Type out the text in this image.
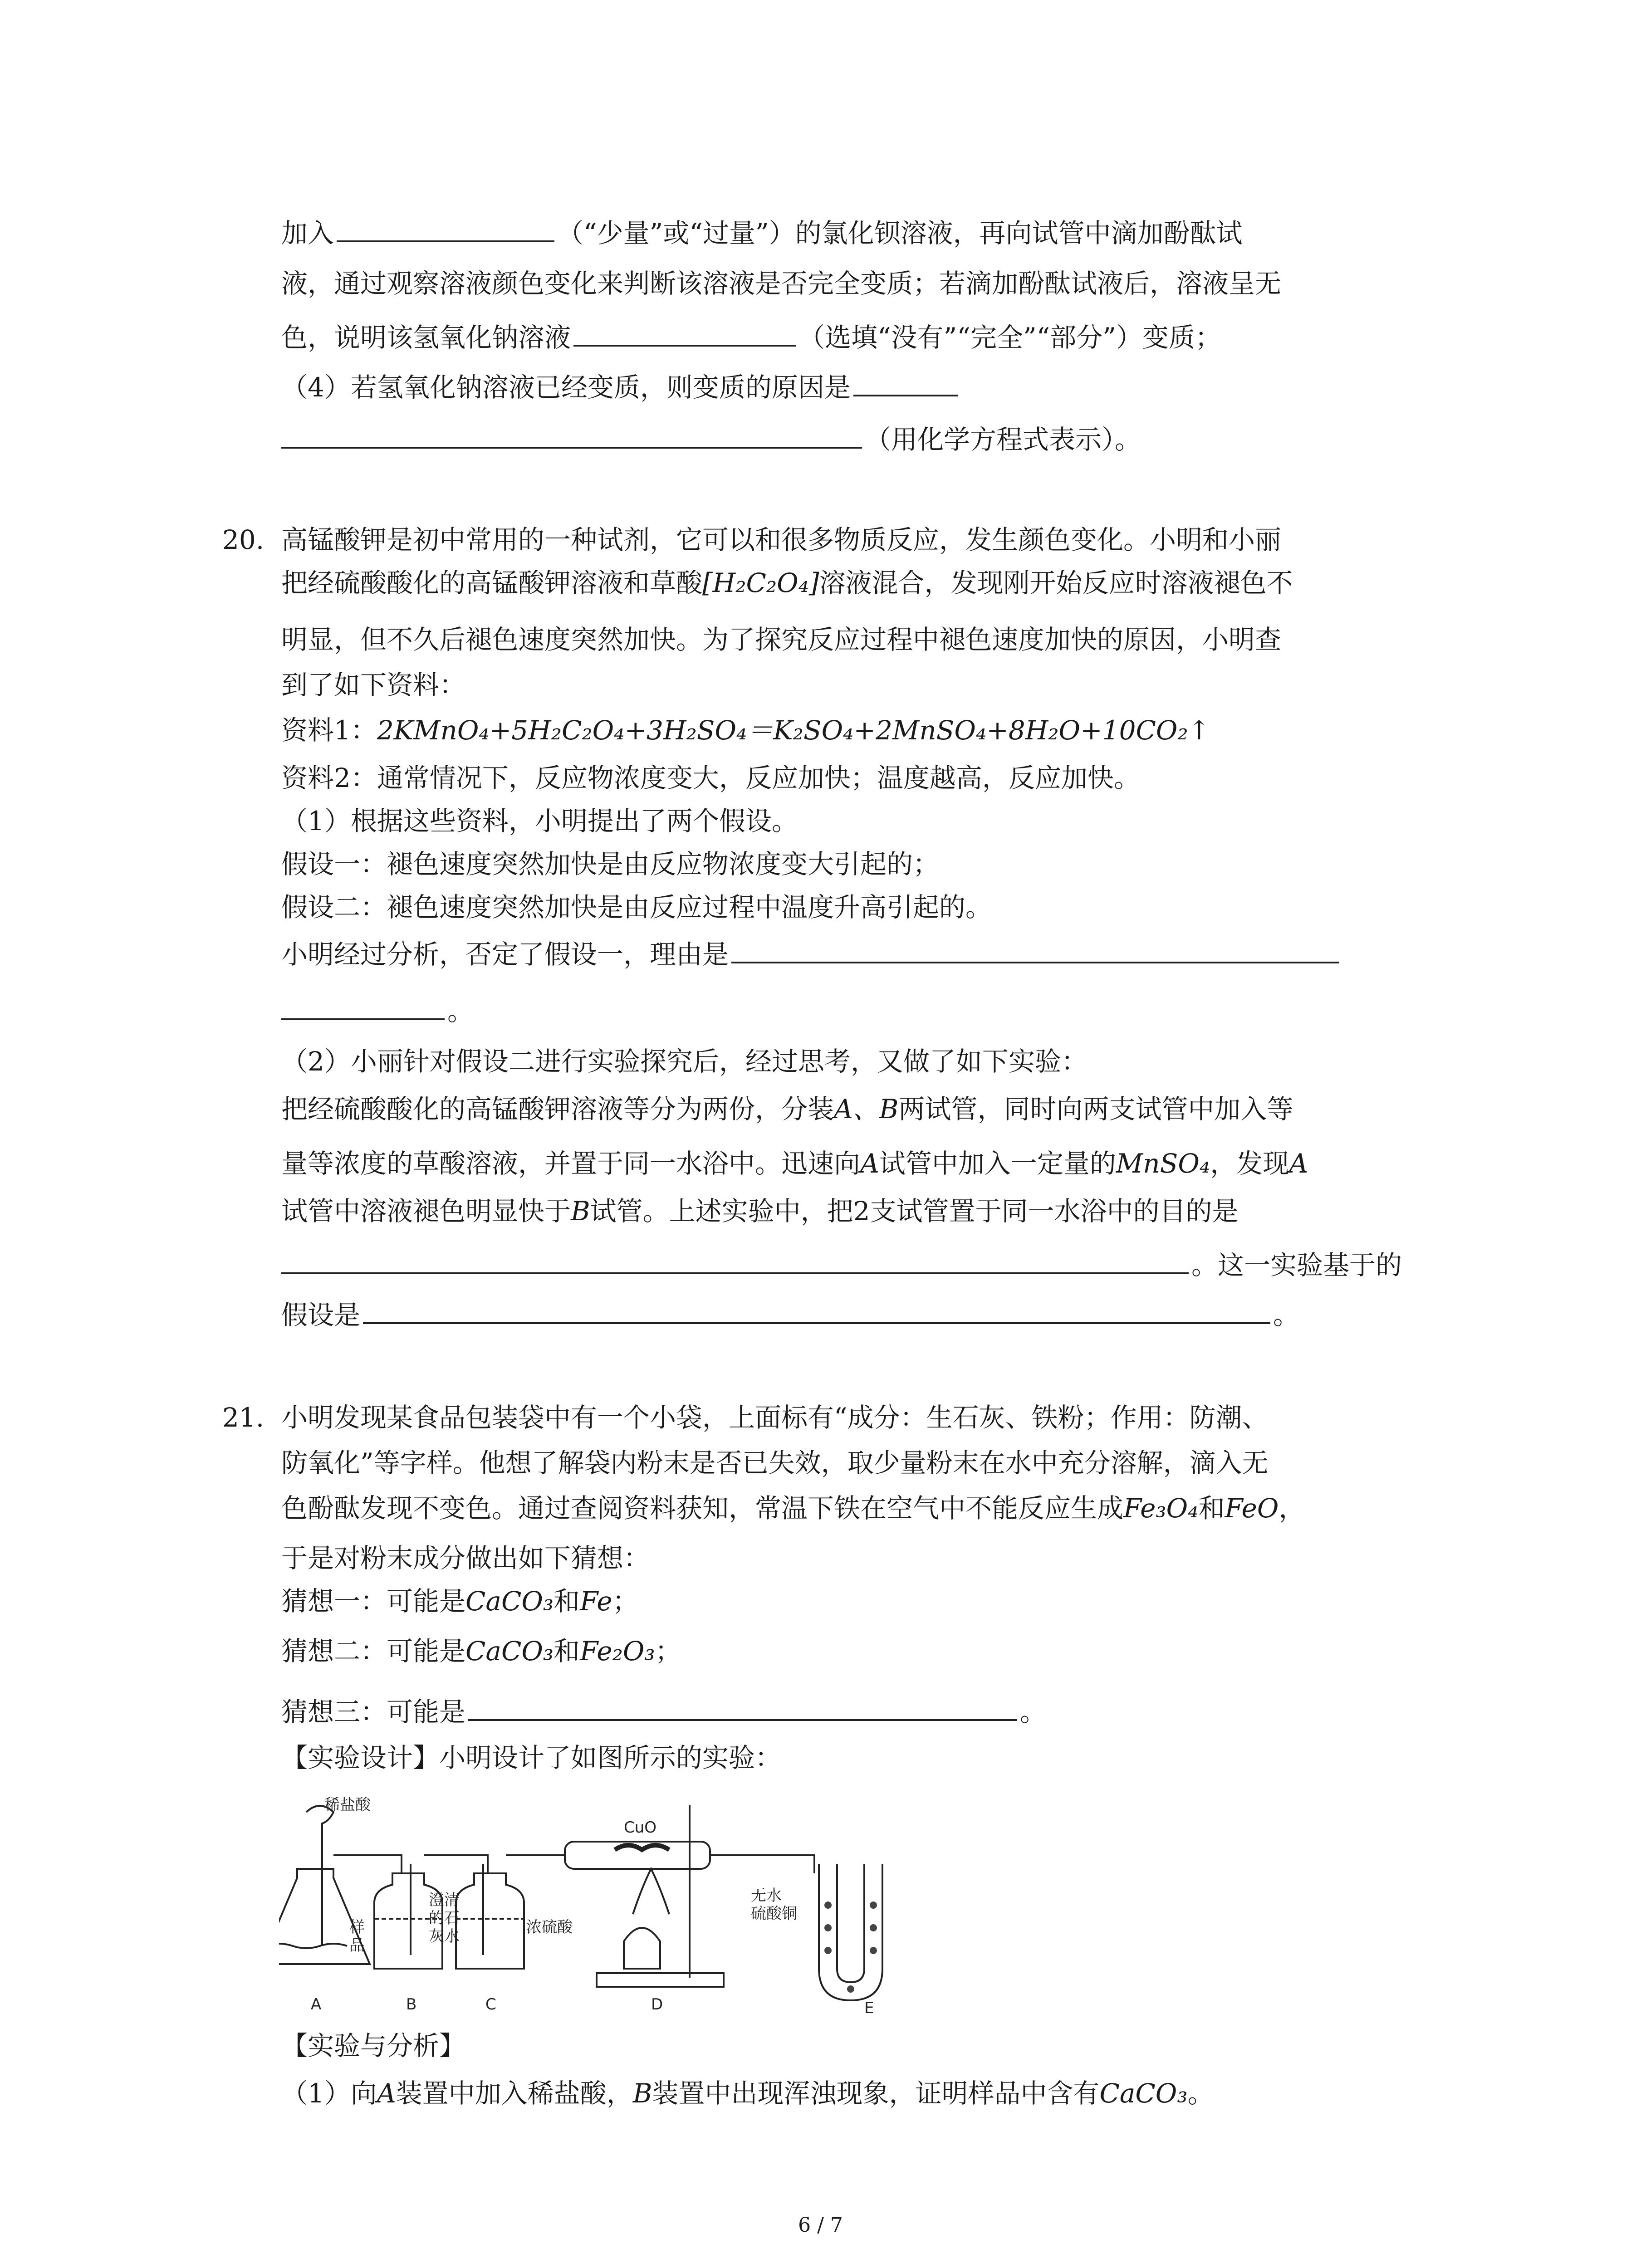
加入	（“少量”或“过量”）的氯化钡溶液，再向试管中滴加酚酞试
液，通过观察溶液颜色变化来判断该溶液是否完全变质；若滴加酚酞试液后，溶液呈无
色，说明该氢氧化钠溶液	（选填“没有”“完全”“部分”）变质；
（4）若氢氧化钠溶液已经变质，则变质的原因是
（用化学方程式表示）。
20. 高锰酸钾是初中常用的一种试剂，它可以和很多物质反应，发生颜色变化。小明和小丽
把经硫酸酸化的高锰酸钾溶液和草酸[H₂C₂O₄]溶液混合，发现刚开始反应时溶液褪色不
明显，但不久后褪色速度突然加快。为了探究反应过程中褪色速度加快的原因，小明查
到了如下资料：
资料1：2KMnO₄+5H₂C₂O₄+3H₂SO₄＝K₂SO₄+2MnSO₄+8H₂O+10CO₂↑
资料2：通常情况下，反应物浓度变大，反应加快；温度越高，反应加快。
（1）根据这些资料，小明提出了两个假设。
假设一：褪色速度突然加快是由反应物浓度变大引起的；
假设二：褪色速度突然加快是由反应过程中温度升高引起的。
小明经过分析，否定了假设一，理由是
。
（2）小丽针对假设二进行实验探究后，经过思考，又做了如下实验：
把经硫酸酸化的高锰酸钾溶液等分为两份，分装A、B两试管，同时向两支试管中加入等
量等浓度的草酸溶液，并置于同一水浴中。迅速向A试管中加入一定量的MnSO₄，发现A
试管中溶液褪色明显快于B试管。上述实验中，把2支试管置于同一水浴中的目的是
。这一实验基于的
假设是	。
21. 小明发现某食品包装袋中有一个小袋，上面标有“成分：生石灰、铁粉；作用：防潮、
防氧化”等字样。他想了解袋内粉末是否已失效，取少量粉末在水中充分溶解，滴入无
色酚酞发现不变色。通过查阅资料获知，常温下铁在空气中不能反应生成Fe₃O₄和FeO，
于是对粉末成分做出如下猜想：
猜想一：可能是CaCO₃和Fe；
猜想二：可能是CaCO₃和Fe₂O₃；
猜想三：可能是	。
【实验设计】小明设计了如图所示的实验：
稀盐酸
样
品
澄清
的石
灰水	浓硫酸
CuO
无水
硫酸铜
A	B	C	D	E
【实验与分析】
（1）向A装置中加入稀盐酸，B装置中出现浑浊现象，证明样品中含有CaCO₃。
6 / 7
